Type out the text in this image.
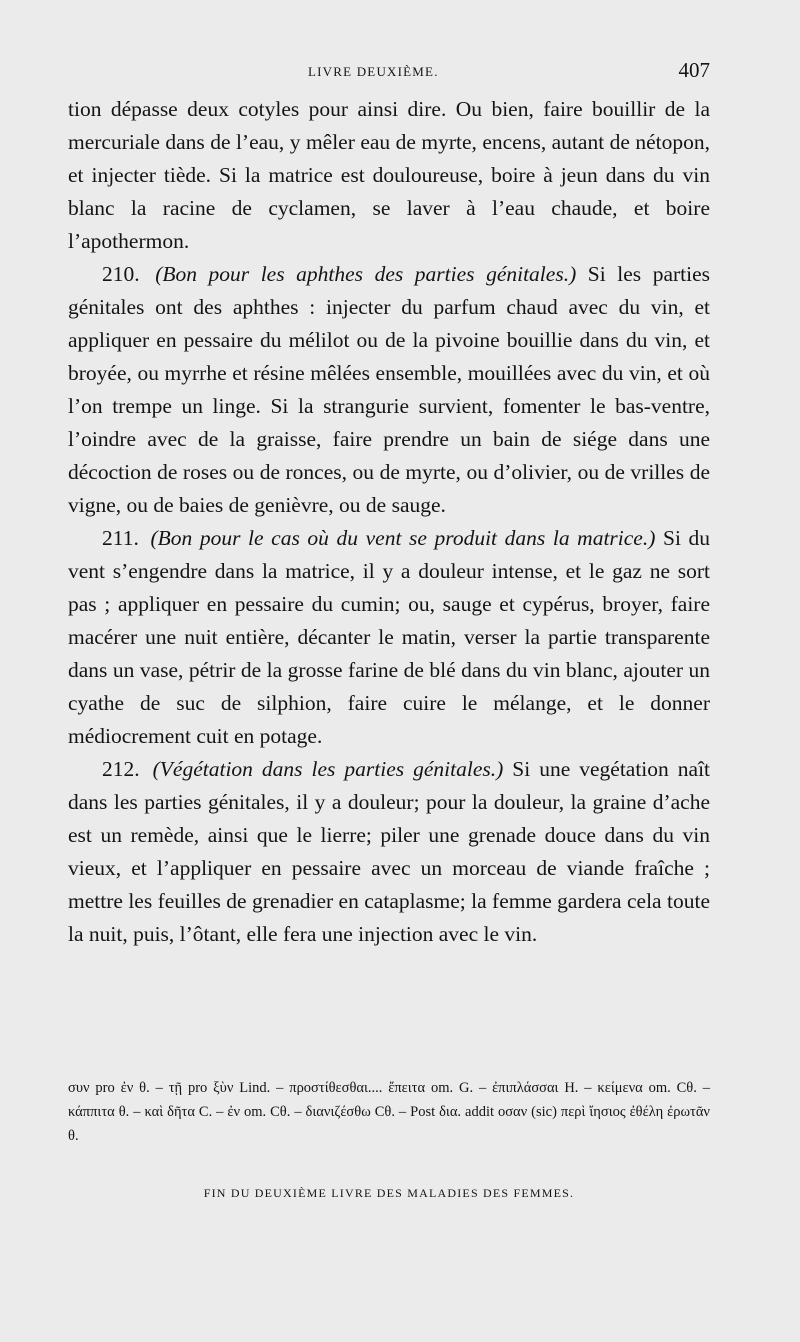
LIVRE DEUXIÈME.	407

tion dépasse deux cotyles pour ainsi dire. Ou bien, faire bouillir de la mercuriale dans de l’eau, y mêler eau de myrte, encens, autant de nétopon, et injecter tiède. Si la matrice est douloureuse, boire à jeun dans du vin blanc la racine de cyclamen, se laver à l’eau chaude, et boire l’apothermon.

210. (Bon pour les aphthes des parties génitales.) Si les parties génitales ont des aphthes : injecter du parfum chaud avec du vin, et appliquer en pessaire du mélilot ou de la pivoine bouillie dans du vin, et broyée, ou myrrhe et résine mêlées ensemble, mouillées avec du vin, et où l’on trempe un linge. Si la strangurie survient, fomenter le bas-ventre, l’oindre avec de la graisse, faire prendre un bain de siége dans une décoction de roses ou de ronces, ou de myrte, ou d’olivier, ou de vrilles de vigne, ou de baies de genièvre, ou de sauge.

211. (Bon pour le cas où du vent se produit dans la matrice.) Si du vent s’engendre dans la matrice, il y a douleur intense, et le gaz ne sort pas ; appliquer en pessaire du cumin; ou, sauge et cypérus, broyer, faire macérer une nuit entière, décanter le matin, verser la partie transparente dans un vase, pétrir de la grosse farine de blé dans du vin blanc, ajouter un cyathe de suc de silphion, faire cuire le mélange, et le donner médiocrement cuit en potage.

212. (Végétation dans les parties génitales.) Si une vegétation naît dans les parties génitales, il y a douleur; pour la douleur, la graine d’ache est un remède, ainsi que le lierre; piler une grenade douce dans du vin vieux, et l’appliquer en pessaire avec un morceau de viande fraîche ; mettre les feuilles de grenadier en cataplasme; la femme gardera cela toute la nuit, puis, l’ôtant, elle fera une injection avec le vin.

συν pro ἐν θ. – τῇ pro ξὺν Lind. – προστίθεσθαι.... ἔπειτα om. G. – ἐπιπλάσσαι H. – κείμενα om. Cθ. – κάππιτα θ. – καὶ δῆτα C. – ἐν om. Cθ. – διανιζέσθω Cθ. – Post δια. addit οσαν (sic) περὶ ἴησιος ἐθέλη ἐρωτᾶν θ.
FIN DU DEUXIÈME LIVRE DES MALADIES DES FEMMES.
